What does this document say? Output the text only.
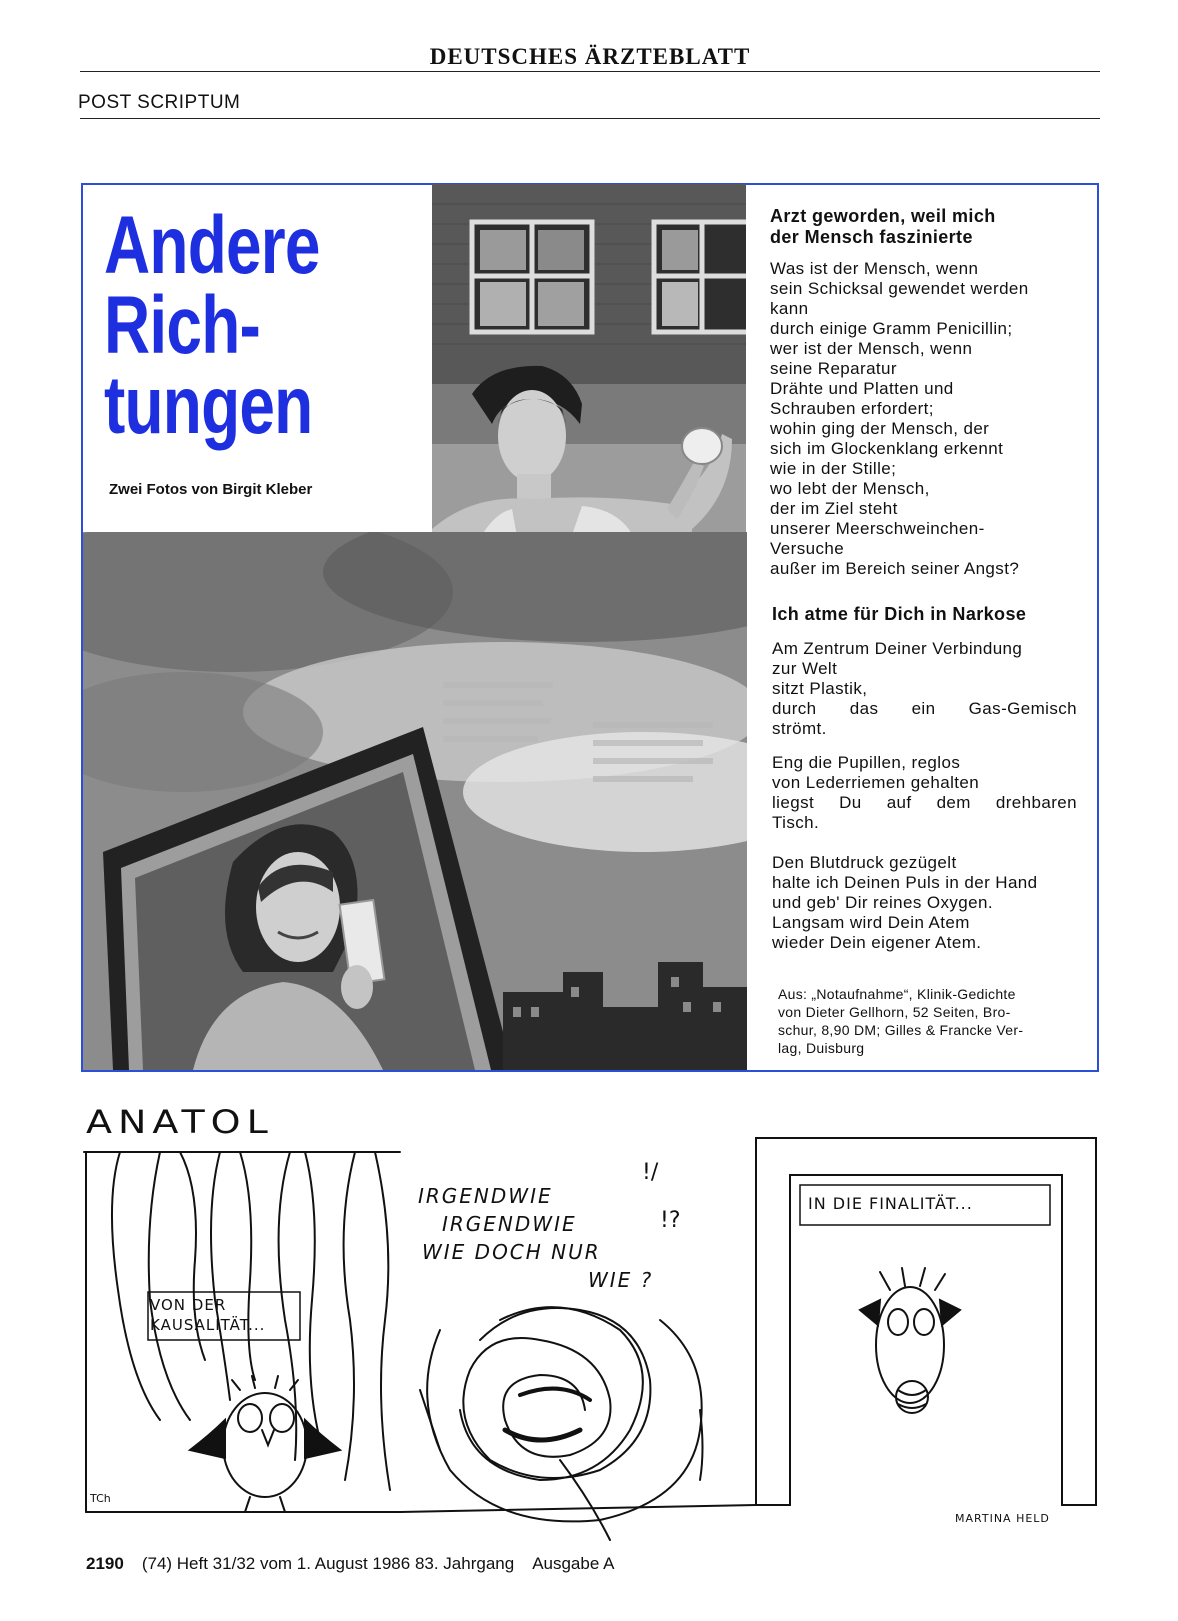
DEUTSCHES ÄRZTEBLATT
POST SCRIPTUM
Andere
Rich-
tungen
Zwei Fotos von Birgit Kleber
Arzt geworden, weil mich
der Mensch faszinierte
Was ist der Mensch, wenn
sein Schicksal gewendet werden
kann
durch einige Gramm Penicillin;
wer ist der Mensch, wenn
seine Reparatur
Drähte und Platten und
Schrauben erfordert;
wohin ging der Mensch, der
sich im Glockenklang erkennt
wie in der Stille;
wo lebt der Mensch,
der im Ziel steht
unserer Meerschweinchen-
Versuche
außer im Bereich seiner Angst?
Ich atme für Dich in Narkose
Am Zentrum Deiner Verbindung
zur Welt
sitzt Plastik,
durch das ein Gas-Gemisch
strömt.
Eng die Pupillen, reglos
von Lederriemen gehalten
liegst Du auf dem drehbaren
Tisch.
Den Blutdruck gezügelt
halte ich Deinen Puls in der Hand
und geb' Dir reines Oxygen.
Langsam wird Dein Atem
wieder Dein eigener Atem.
Aus: „Notaufnahme“, Klinik-Gedichte
von Dieter Gellhorn, 52 Seiten, Bro-
schur, 8,90 DM; Gilles & Francke Ver-
lag, Duisburg
ANATOL
VON DER
KAUSALITÄT...
IRGENDWIE
IRGENDWIE
WIE DOCH NUR
WIE ?
!/
!?
IN DIE FINALITÄT...
TCh
MARTINA HELD
2190 (74) Heft 31/32 vom 1. August 1986 83. Jahrgang Ausgabe A
